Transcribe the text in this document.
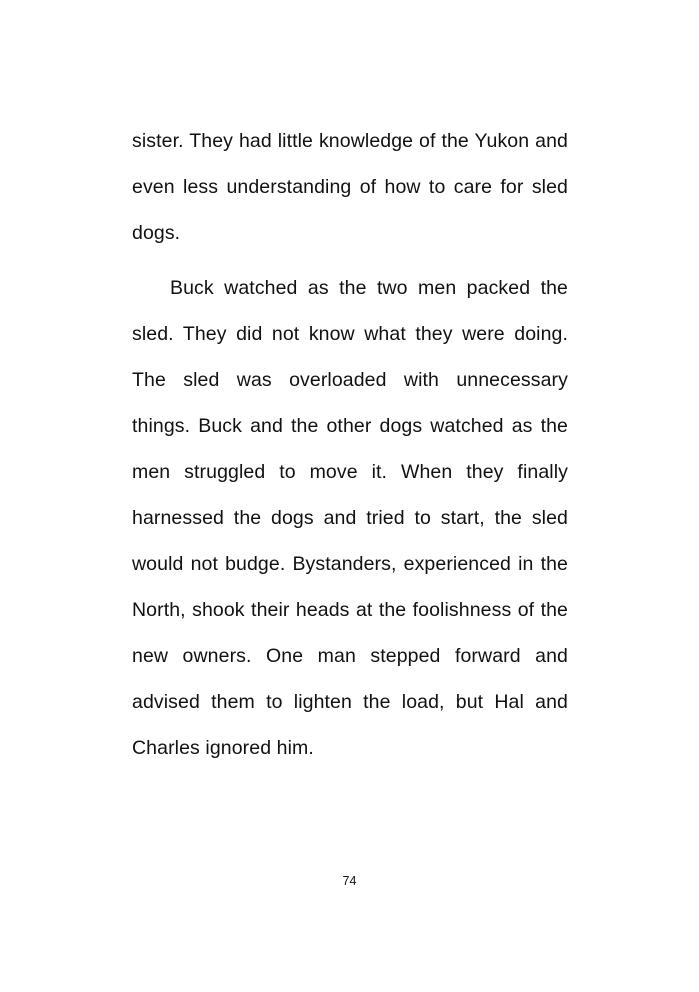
sister. They had little knowledge of the Yukon and even less understanding of how to care for sled dogs.

Buck watched as the two men packed the sled. They did not know what they were doing. The sled was overloaded with unnecessary things. Buck and the other dogs watched as the men struggled to move it. When they finally harnessed the dogs and tried to start, the sled would not budge. Bystanders, experienced in the North, shook their heads at the foolishness of the new owners. One man stepped forward and advised them to lighten the load, but Hal and Charles ignored him.

74
